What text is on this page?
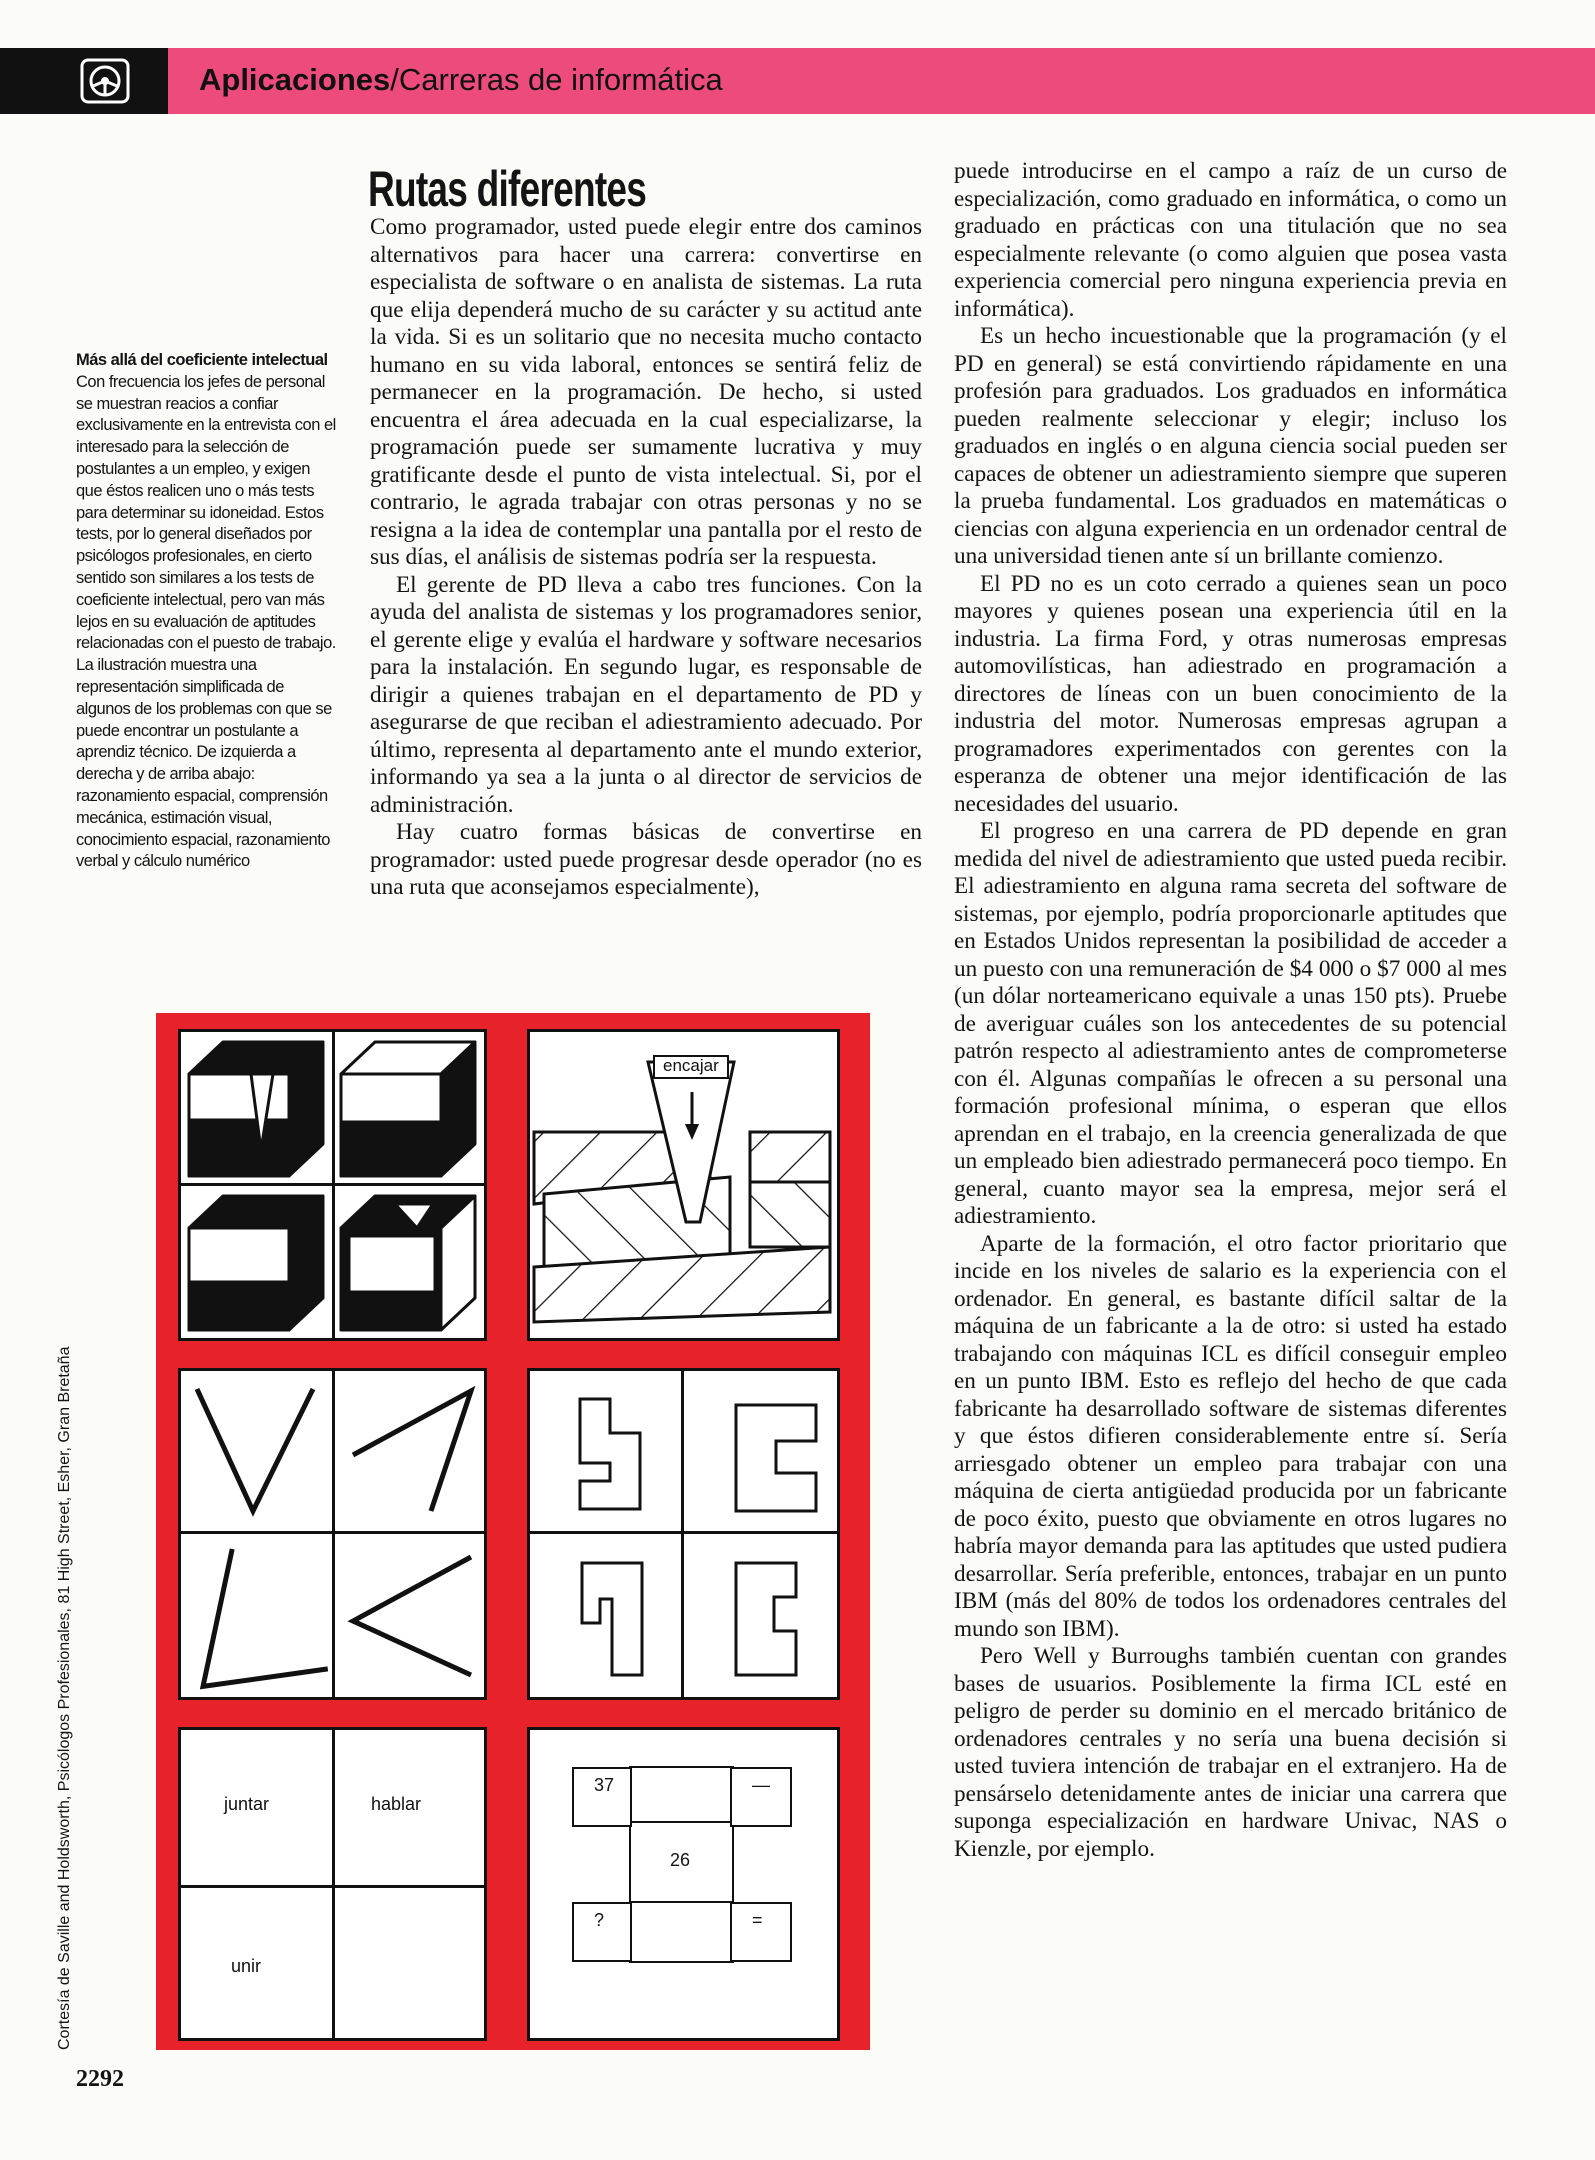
Aplicaciones/Carreras de informática
Más allá del coeficiente intelectual
Con frecuencia los jefes de personal se muestran reacios a confiar exclusivamente en la entrevista con el interesado para la selección de postulantes a un empleo, y exigen que éstos realicen uno o más tests para determinar su idoneidad. Estos tests, por lo general diseñados por psicólogos profesionales, en cierto sentido son similares a los tests de coeficiente intelectual, pero van más lejos en su evaluación de aptitudes relacionadas con el puesto de trabajo. La ilustración muestra una representación simplificada de algunos de los problemas con que se puede encontrar un postulante a aprendiz técnico. De izquierda a derecha y de arriba abajo: razonamiento espacial, comprensión mecánica, estimación visual, conocimiento espacial, razonamiento verbal y cálculo numérico
Cortesía de Saville and Holdsworth, Psicólogos Profesionales, 81 High Street, Esher, Gran Bretaña
2292
Rutas diferentes

Como programador, usted puede elegir entre dos caminos alternativos para hacer una carrera: convertirse en especialista de software o en analista de sistemas. La ruta que elija dependerá mucho de su carácter y su actitud ante la vida. Si es un solitario que no necesita mucho contacto humano en su vida laboral, entonces se sentirá feliz de permanecer en la programación. De hecho, si usted encuentra el área adecuada en la cual especializarse, la programación puede ser sumamente lucrativa y muy gratificante desde el punto de vista intelectual. Si, por el contrario, le agrada trabajar con otras personas y no se resigna a la idea de contemplar una pantalla por el resto de sus días, el análisis de sistemas podría ser la respuesta.

El gerente de PD lleva a cabo tres funciones. Con la ayuda del analista de sistemas y los programadores senior, el gerente elige y evalúa el hardware y software necesarios para la instalación. En segundo lugar, es responsable de dirigir a quienes trabajan en el departamento de PD y asegurarse de que reciban el adiestramiento adecuado. Por último, representa al departamento ante el mundo exterior, informando ya sea a la junta o al director de servicios de administración.

Hay cuatro formas básicas de convertirse en programador: usted puede progresar desde operador (no es una ruta que aconsejamos especialmente),

puede introducirse en el campo a raíz de un curso de especialización, como graduado en informática, o como un graduado en prácticas con una titulación que no sea especialmente relevante (o como alguien que posea vasta experiencia comercial pero ninguna experiencia previa en informática).

Es un hecho incuestionable que la programación (y el PD en general) se está convirtiendo rápidamente en una profesión para graduados. Los graduados en informática pueden realmente seleccionar y elegir; incluso los graduados en inglés o en alguna ciencia social pueden ser capaces de obtener un adiestramiento siempre que superen la prueba fundamental. Los graduados en matemáticas o ciencias con alguna experiencia en un ordenador central de una universidad tienen ante sí un brillante comienzo.

El PD no es un coto cerrado a quienes sean un poco mayores y quienes posean una experiencia útil en la industria. La firma Ford, y otras numerosas empresas automovilísticas, han adiestrado en programación a directores de líneas con un buen conocimiento de la industria del motor. Numerosas empresas agrupan a programadores experimentados con gerentes con la esperanza de obtener una mejor identificación de las necesidades del usuario.

El progreso en una carrera de PD depende en gran medida del nivel de adiestramiento que usted pueda recibir. El adiestramiento en alguna rama secreta del software de sistemas, por ejemplo, podría proporcionarle aptitudes que en Estados Unidos representan la posibilidad de acceder a un puesto con una remuneración de $4 000 o $7 000 al mes (un dólar norteamericano equivale a unas 150 pts). Pruebe de averiguar cuáles son los antecedentes de su potencial patrón respecto al adiestramiento antes de comprometerse con él. Algunas compañías le ofrecen a su personal una formación profesional mínima, o esperan que ellos aprendan en el trabajo, en la creencia generalizada de que un empleado bien adiestrado permanecerá poco tiempo. En general, cuanto mayor sea la empresa, mejor será el adiestramiento.

Aparte de la formación, el otro factor prioritario que incide en los niveles de salario es la experiencia con el ordenador. En general, es bastante difícil saltar de la máquina de un fabricante a la de otro: si usted ha estado trabajando con máquinas ICL es difícil conseguir empleo en un punto IBM. Esto es reflejo del hecho de que cada fabricante ha desarrollado software de sistemas diferentes y que éstos difieren considerablemente entre sí. Sería arriesgado obtener un empleo para trabajar con una máquina de cierta antigüedad producida por un fabricante de poco éxito, puesto que obviamente en otros lugares no habría mayor demanda para las aptitudes que usted pudiera desarrollar. Sería preferible, entonces, trabajar en un punto IBM (más del 80% de todos los ordenadores centrales del mundo son IBM).

Pero Well y Burroughs también cuentan con grandes bases de usuarios. Posiblemente la firma ICL esté en peligro de perder su dominio en el mercado británico de ordenadores centrales y no sería una buena decisión si usted tuviera intención de trabajar en el extranjero. Ha de pensárselo detenidamente antes de iniciar una carrera que suponga especialización en hardware Univac, NAS o Kienzle, por ejemplo.

encajar
juntar	hablar
unir
37	—
26
?	=
